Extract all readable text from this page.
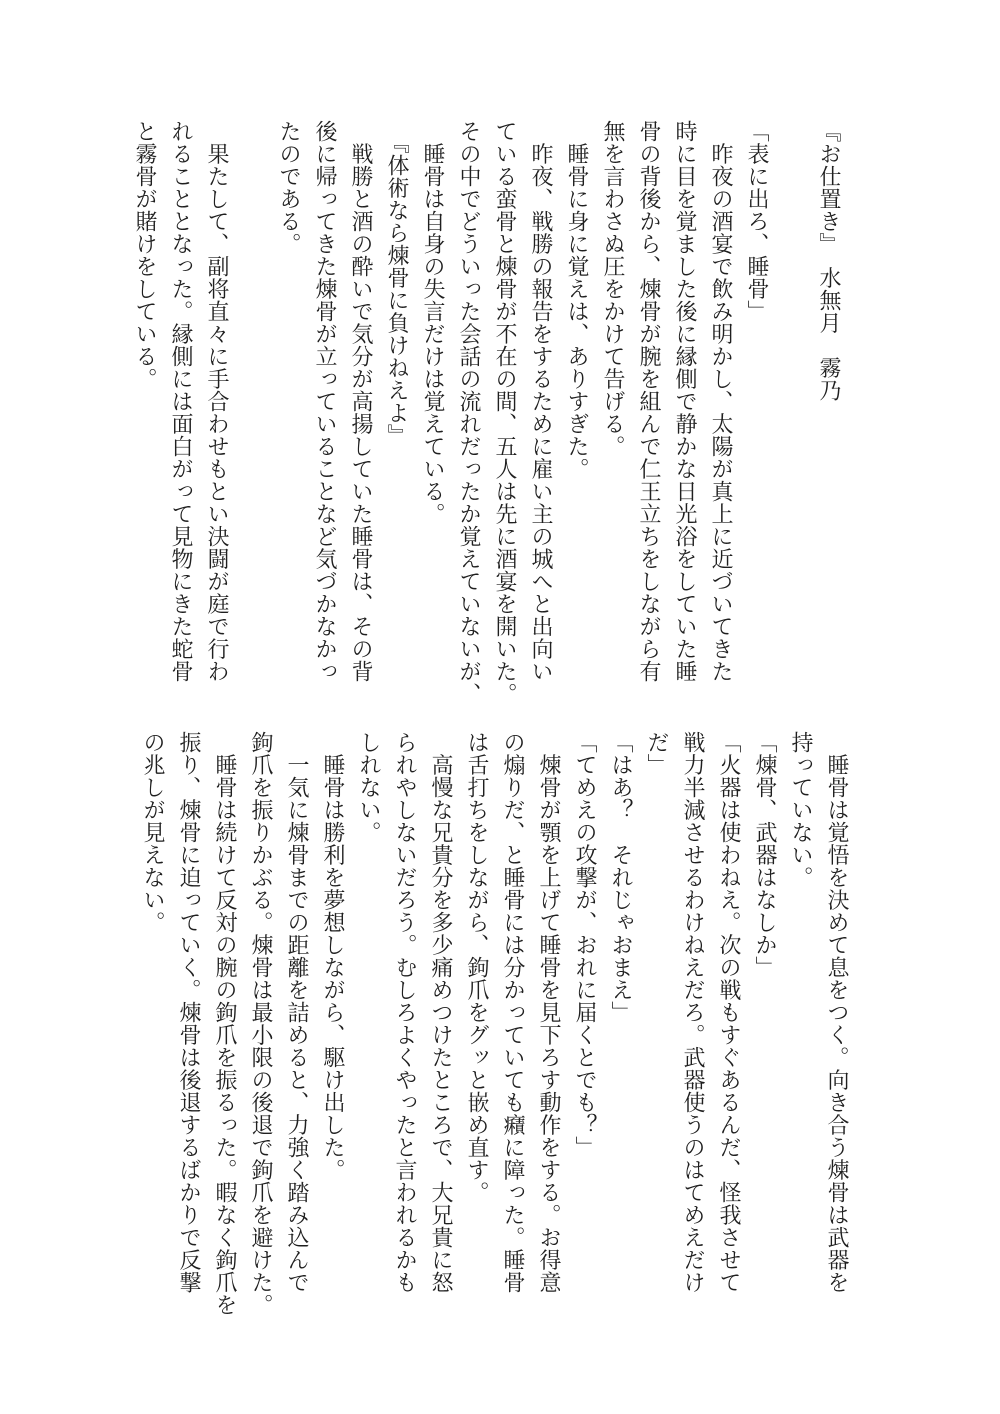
『お仕置き』　水無月　霧乃
「表に出ろ、睡骨」
　昨夜の酒宴で飲み明かし、太陽が真上に近づいてきた
時に目を覚ました後に縁側で静かな日光浴をしていた睡
骨の背後から、煉骨が腕を組んで仁王立ちをしながら有
無を言わさぬ圧をかけて告げる。
　睡骨に身に覚えは、ありすぎた。
　昨夜、戦勝の報告をするために雇い主の城へと出向い
ている蛮骨と煉骨が不在の間、五人は先に酒宴を開いた。
その中でどういった会話の流れだったか覚えていないが、
　睡骨は自身の失言だけは覚えている。
　『体術なら煉骨に負けねえよ』
　戦勝と酒の酔いで気分が高揚していた睡骨は、その背
後に帰ってきた煉骨が立っていることなど気づかなかっ
たのである。
　果たして、副将直々に手合わせもとい決闘が庭で行わ
れることとなった。縁側には面白がって見物にきた蛇骨
と霧骨が賭けをしている。
　睡骨は覚悟を決めて息をつく。向き合う煉骨は武器を
持っていない。
「煉骨、武器はなしか」
「火器は使わねえ。次の戦もすぐあるんだ、怪我させて
戦力半減させるわけねえだろ。武器使うのはてめえだけ
だ」
「はあ？　それじゃおまえ」
「てめえの攻撃が、おれに届くとでも？」
　煉骨が顎を上げて睡骨を見下ろす動作をする。お得意
の煽りだ、と睡骨には分かっていても癪に障った。睡骨
は舌打ちをしながら、鉤爪をグッと嵌め直す。
　高慢な兄貴分を多少痛めつけたところで、大兄貴に怒
られやしないだろう。むしろよくやったと言われるかも
しれない。
　睡骨は勝利を夢想しながら、駆け出した。
　一気に煉骨までの距離を詰めると、力強く踏み込んで
鉤爪を振りかぶる。煉骨は最小限の後退で鉤爪を避けた。
　睡骨は続けて反対の腕の鉤爪を振るった。暇なく鉤爪を
振り、煉骨に迫っていく。煉骨は後退するばかりで反撃
の兆しが見えない。
